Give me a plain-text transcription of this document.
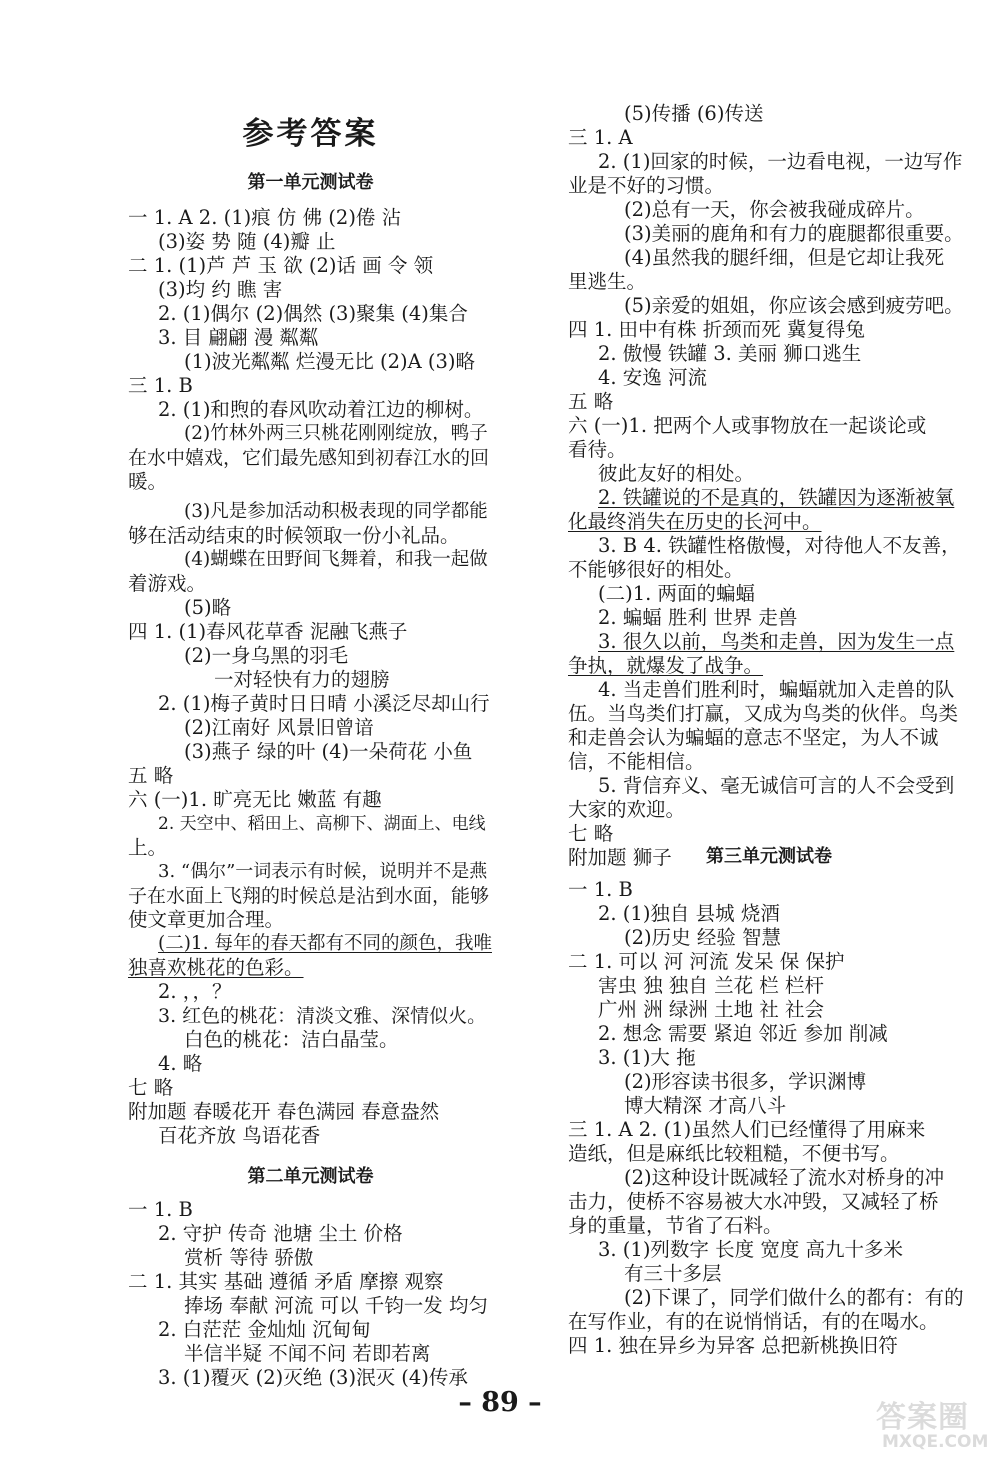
– 89 –	答案圈
MXQE.COM
参考答案
第一单元测试卷
一 1. A 2. (1)痕 仿 佛 (2)倦 沾
(3)姿 势 随 (4)瓣 止
二 1. (1)芦 芦 玉 欲 (2)话 画 令 领
(3)均 约 瞧 害
2. (1)偶尔 (2)偶然 (3)聚集 (4)集合
3. 目 翩翩 漫 粼粼
(1)波光粼粼 烂漫无比 (2)A (3)略
三 1. B
2. (1)和煦的春风吹动着江边的柳树。
(2)竹林外两三只桃花刚刚绽放，鸭子
在水中嬉戏，它们最先感知到初春江水的回
暖。
(3)凡是参加活动积极表现的同学都能
够在活动结束的时候领取一份小礼品。
(4)蝴蝶在田野间飞舞着，和我一起做
着游戏。
(5)略
四 1. (1)春风花草香 泥融飞燕子
(2)一身乌黑的羽毛
一对轻快有力的翅膀
2. (1)梅子黄时日日晴 小溪泛尽却山行
(2)江南好 风景旧曾谙
(3)燕子 绿的叶 (4)一朵荷花 小鱼
五 略
六 (一)1. 旷亮无比 嫩蓝 有趣
2. 天空中、稻田上、高柳下、湖面上、电线
上。
3. “偶尔”一词表示有时候，说明并不是燕
子在水面上飞翔的时候总是沾到水面，能够
使文章更加合理。
(二)1. 每年的春天都有不同的颜色，我唯
独喜欢桃花的色彩。
2. ，，？
3. 红色的桃花：清淡文雅、深情似火。
白色的桃花：洁白晶莹。
4. 略
七 略
附加题 春暖花开 春色满园 春意盎然
百花齐放 鸟语花香
第二单元测试卷
一 1. B
2. 守护 传奇 池塘 尘土 价格
赏析 等待 骄傲
二 1. 其实 基础 遵循 矛盾 摩擦 观察
捧场 奉献 河流 可以 千钧一发 均匀
2. 白茫茫 金灿灿 沉甸甸
半信半疑 不闻不问 若即若离
3. (1)覆灭 (2)灭绝 (3)泯灭 (4)传承
(5)传播 (6)传送
三 1. A
2. (1)回家的时候，一边看电视，一边写作
业是不好的习惯。
(2)总有一天，你会被我碰成碎片。
(3)美丽的鹿角和有力的鹿腿都很重要。
(4)虽然我的腿纤细，但是它却让我死
里逃生。
(5)亲爱的姐姐，你应该会感到疲劳吧。
四 1. 田中有株 折颈而死 冀复得兔
2. 傲慢 铁罐 3. 美丽 狮口逃生
4. 安逸 河流
五 略
六 (一)1. 把两个人或事物放在一起谈论或
看待。
彼此友好的相处。
2. 铁罐说的不是真的，铁罐因为逐渐被氧
化最终消失在历史的长河中。
3. B 4. 铁罐性格傲慢，对待他人不友善，
不能够很好的相处。
(二)1. 两面的蝙蝠
2. 蝙蝠 胜利 世界 走兽
3. 很久以前，鸟类和走兽，因为发生一点
争执，就爆发了战争。
4. 当走兽们胜利时，蝙蝠就加入走兽的队
伍。当鸟类们打赢，又成为鸟类的伙伴。鸟类
和走兽会认为蝙蝠的意志不坚定，为人不诚
信，不能相信。
5. 背信弃义、毫无诚信可言的人不会受到
大家的欢迎。
七 略
附加题 狮子	第三单元测试卷
一 1. B
2. (1)独自 县城 烧酒
(2)历史 经验 智慧
二 1. 可以 河 河流 发呆 保 保护
害虫 独 独自 兰花 栏 栏杆
广州 洲 绿洲 土地 社 社会
2. 想念 需要 紧迫 邻近 参加 削减
3. (1)大 拖
(2)形容读书很多，学识渊博
博大精深 才高八斗
三 1. A 2. (1)虽然人们已经懂得了用麻来
造纸，但是麻纸比较粗糙，不便书写。
(2)这种设计既减轻了流水对桥身的冲
击力，使桥不容易被大水冲毁，又减轻了桥
身的重量，节省了石料。
3. (1)列数字 长度 宽度 高九十多米
有三十多层
(2)下课了，同学们做什么的都有：有的
在写作业，有的在说悄悄话，有的在喝水。
四 1. 独在异乡为异客 总把新桃换旧符
